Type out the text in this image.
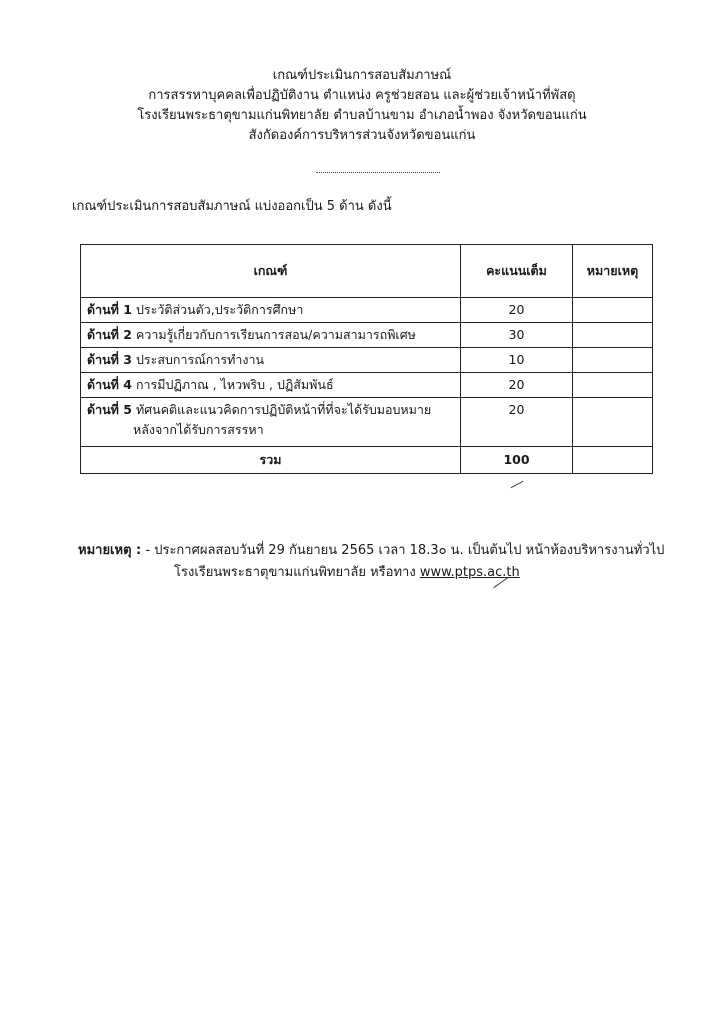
เกณฑ์ประเมินการสอบสัมภาษณ์
การสรรหาบุคคลเพื่อปฏิบัติงาน ตำแหน่ง ครูช่วยสอน และผู้ช่วยเจ้าหน้าที่พัสดุ
โรงเรียนพระธาตุขามแก่นพิทยาลัย ตำบลบ้านขาม อำเภอน้ำพอง จังหวัดขอนแก่น
สังกัดองค์การบริหารส่วนจังหวัดขอนแก่น
เกณฑ์ประเมินการสอบสัมภาษณ์ แบ่งออกเป็น 5 ด้าน ดังนี้
เกณฑ์	คะแนนเต็ม	หมายเหตุ
ด้านที่ 1 ประวัติส่วนตัว,ประวัติการศึกษา	20	
ด้านที่ 2 ความรู้เกี่ยวกับการเรียนการสอน/ความสามารถพิเศษ	30	
ด้านที่ 3 ประสบการณ์การทำงาน	10	
ด้านที่ 4 การมีปฏิภาณ , ไหวพริบ , ปฏิสัมพันธ์	20	
ด้านที่ 5 ทัศนคติและแนวคิดการปฏิบัติหน้าที่ที่จะได้รับมอบหมาย
หลังจากได้รับการสรรหา	20	
รวม	100	
หมายเหตุ : - ประกาศผลสอบวันที่ 29 กันยายน 2565 เวลา 18.3๐ น. เป็นต้นไป หน้าห้องบริหารงานทั่วไป
โรงเรียนพระธาตุขามแก่นพิทยาลัย หรือทาง www.ptps.ac.th
